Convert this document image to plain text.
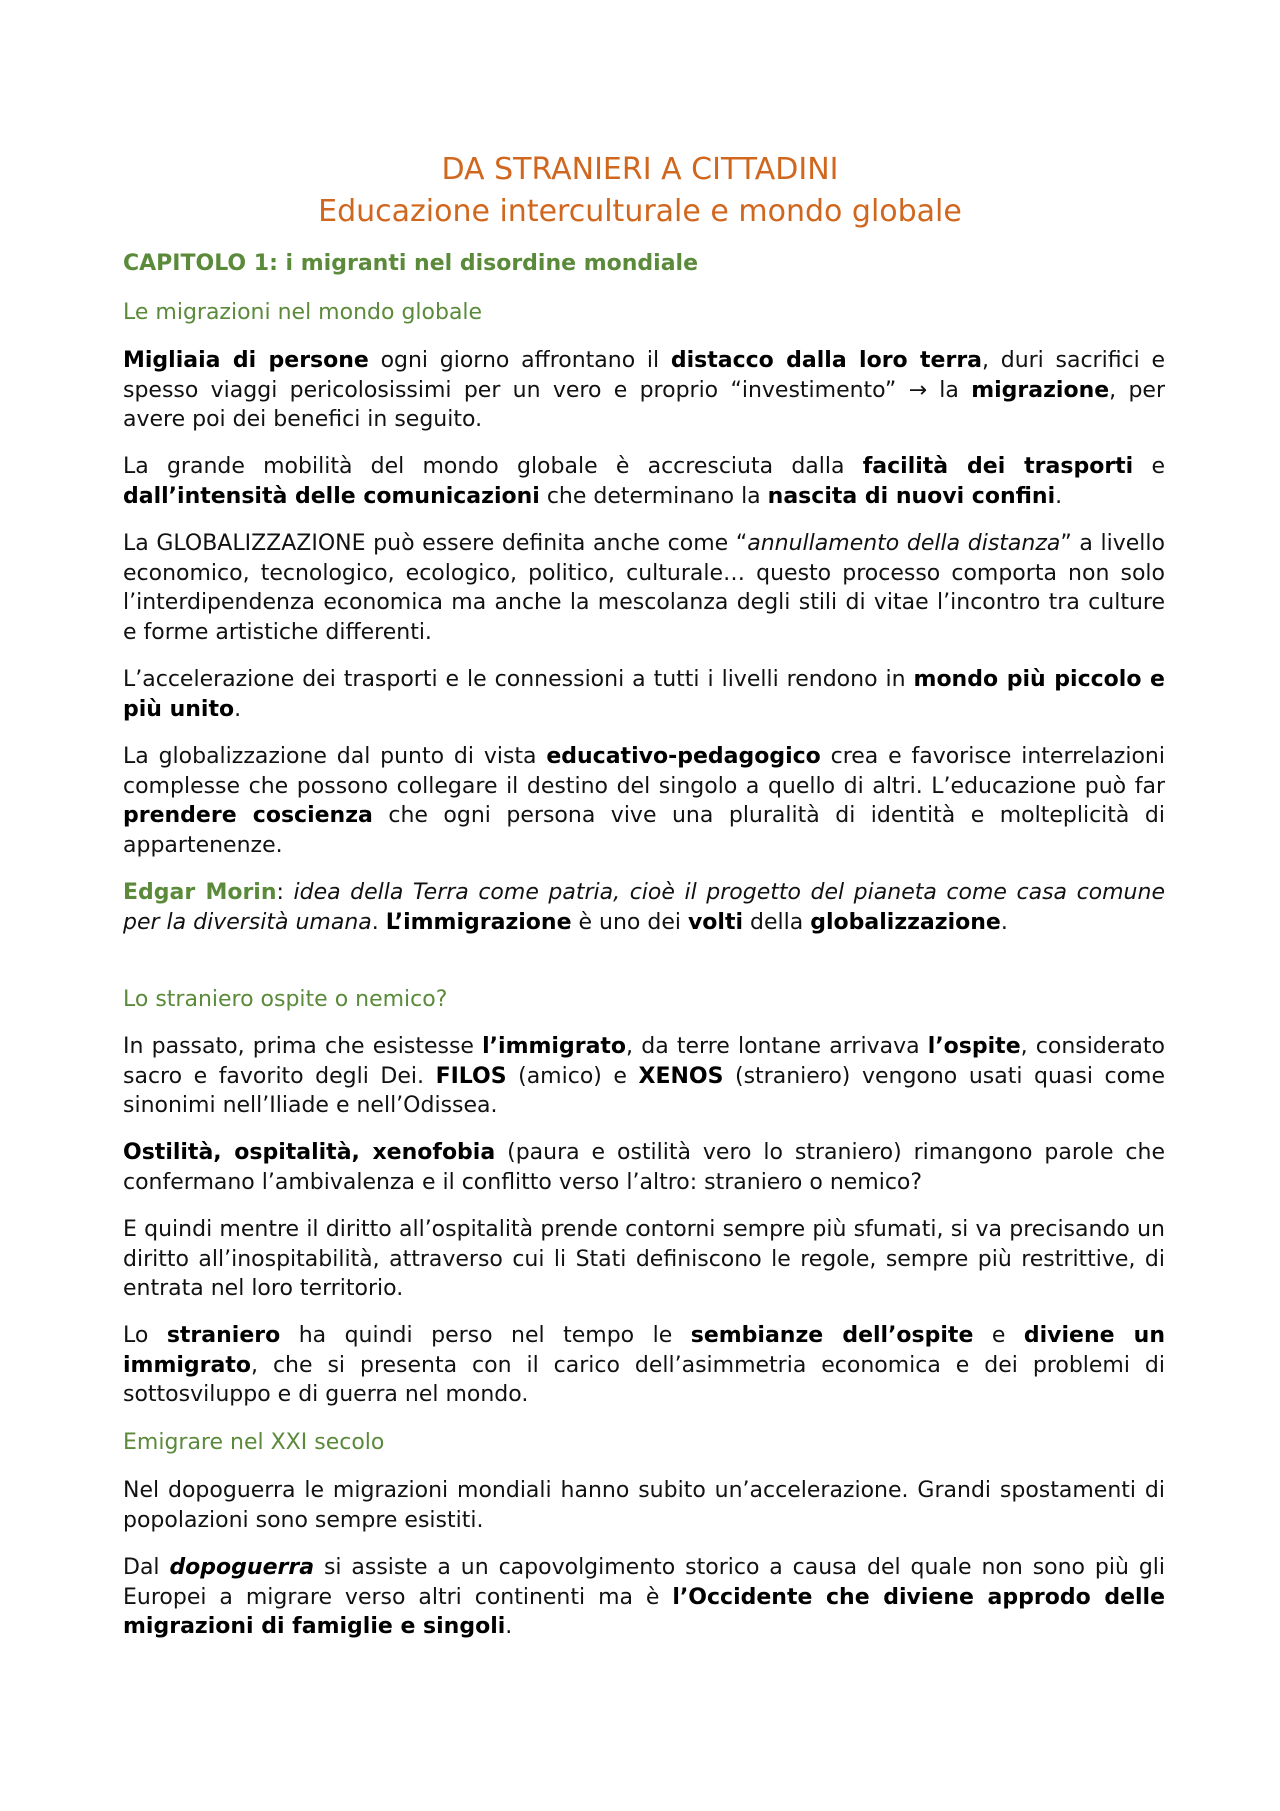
DA STRANIERI A CITTADINI
Educazione interculturale e mondo globale
CAPITOLO 1: i migranti nel disordine mondiale
Le migrazioni nel mondo globale

Migliaia di persone ogni giorno affrontano il distacco dalla loro terra, duri sacrifici e spesso viaggi pericolosissimi per un vero e proprio “investimento” → la migrazione, per avere poi dei benefici in seguito.

La grande mobilità del mondo globale è accresciuta dalla facilità dei trasporti e dall’intensità delle comunicazioni che determinano la nascita di nuovi confini.

La GLOBALIZZAZIONE può essere definita anche come “annullamento della distanza” a livello economico, tecnologico, ecologico, politico, culturale… questo processo comporta non solo l’interdipendenza economica ma anche la mescolanza degli stili di vitae l’incontro tra culture e forme artistiche differenti.

L’accelerazione dei trasporti e le connessioni a tutti i livelli rendono in mondo più piccolo e più unito.

La globalizzazione dal punto di vista educativo-pedagogico crea e favorisce interrelazioni complesse che possono collegare il destino del singolo a quello di altri. L’educazione può far prendere coscienza che ogni persona vive una pluralità di identità e molteplicità di appartenenze.

Edgar Morin: idea della Terra come patria, cioè il progetto del pianeta come casa comune per la diversità umana. L’immigrazione è uno dei volti della globalizzazione.

Lo straniero ospite o nemico?

In passato, prima che esistesse l’immigrato, da terre lontane arrivava l’ospite, considerato sacro e favorito degli Dei. FILOS (amico) e XENOS (straniero) vengono usati quasi come sinonimi nell’Iliade e nell’Odissea.

Ostilità, ospitalità, xenofobia (paura e ostilità vero lo straniero) rimangono parole che confermano l’ambivalenza e il conflitto verso l’altro: straniero o nemico?

E quindi mentre il diritto all’ospitalità prende contorni sempre più sfumati, si va precisando un diritto all’inospitabilità, attraverso cui li Stati definiscono le regole, sempre più restrittive, di entrata nel loro territorio.

Lo straniero ha quindi perso nel tempo le sembianze dell’ospite e diviene un immigrato, che si presenta con il carico dell’asimmetria economica e dei problemi di sottosviluppo e di guerra nel mondo.

Emigrare nel XXI secolo

Nel dopoguerra le migrazioni mondiali hanno subito un’accelerazione. Grandi spostamenti di popolazioni sono sempre esistiti.

Dal dopoguerra si assiste a un capovolgimento storico a causa del quale non sono più gli Europei a migrare verso altri continenti ma è l’Occidente che diviene approdo delle migrazioni di famiglie e singoli.
